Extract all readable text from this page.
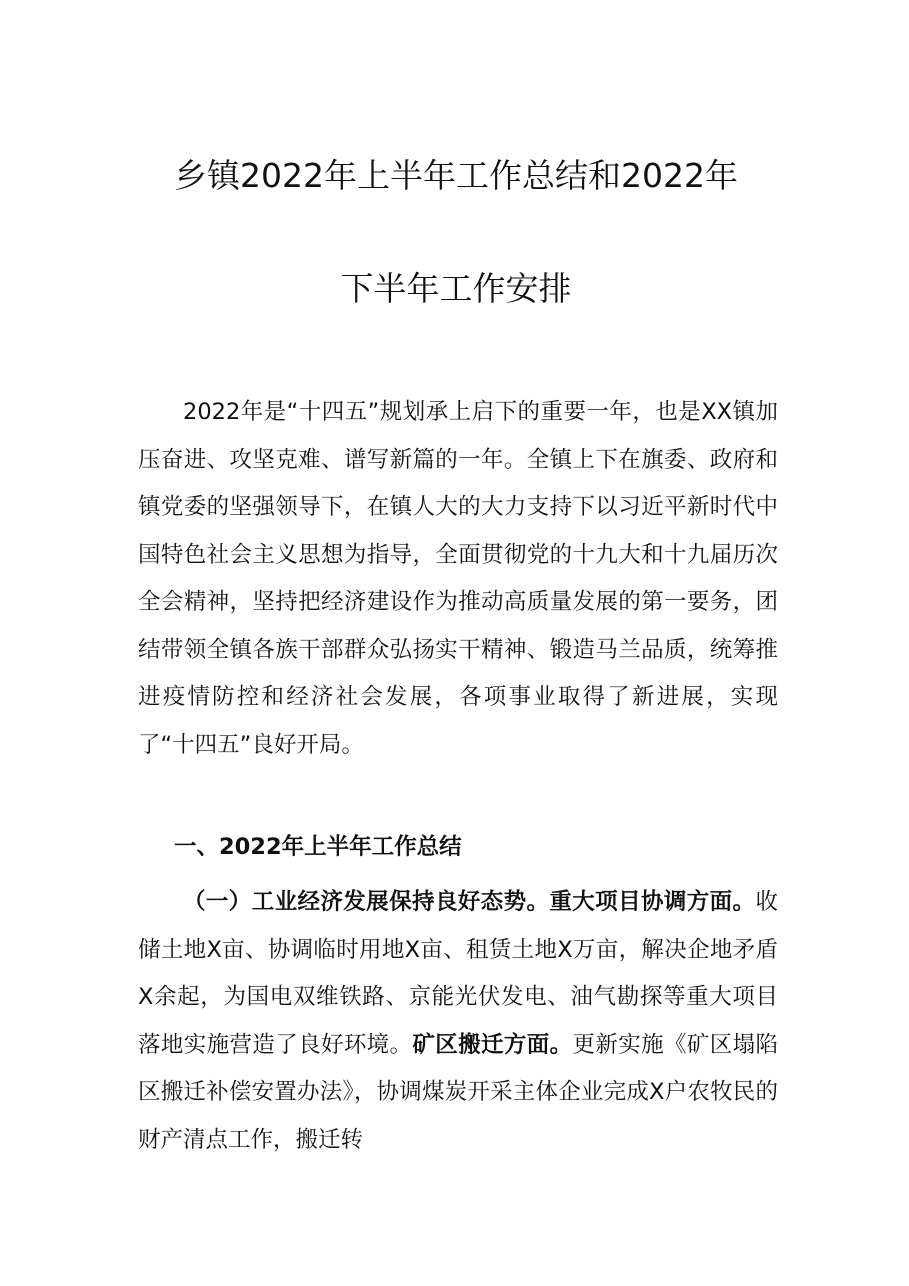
乡镇2022年上半年工作总结和2022年
下半年工作安排

2022年是“十四五”规划承上启下的重要一年，也是XX镇加压奋进、攻坚克难、谱写新篇的一年。全镇上下在旗委、政府和镇党委的坚强领导下，在镇人大的大力支持下以习近平新时代中国特色社会主义思想为指导，全面贯彻党的十九大和十九届历次全会精神，坚持把经济建设作为推动高质量发展的第一要务，团结带领全镇各族干部群众弘扬实干精神、锻造马兰品质，统筹推进疫情防控和经济社会发展，各项事业取得了新进展，实现了“十四五”良好开局。

一、2022年上半年工作总结

（一）工业经济发展保持良好态势。重大项目协调方面。收储土地X亩、协调临时用地X亩、租赁土地X万亩，解决企地矛盾X余起，为国电双维铁路、京能光伏发电、油气勘探等重大项目落地实施营造了良好环境。矿区搬迁方面。更新实施《矿区塌陷区搬迁补偿安置办法》，协调煤炭开采主体企业完成X户农牧民的财产清点工作，搬迁转
